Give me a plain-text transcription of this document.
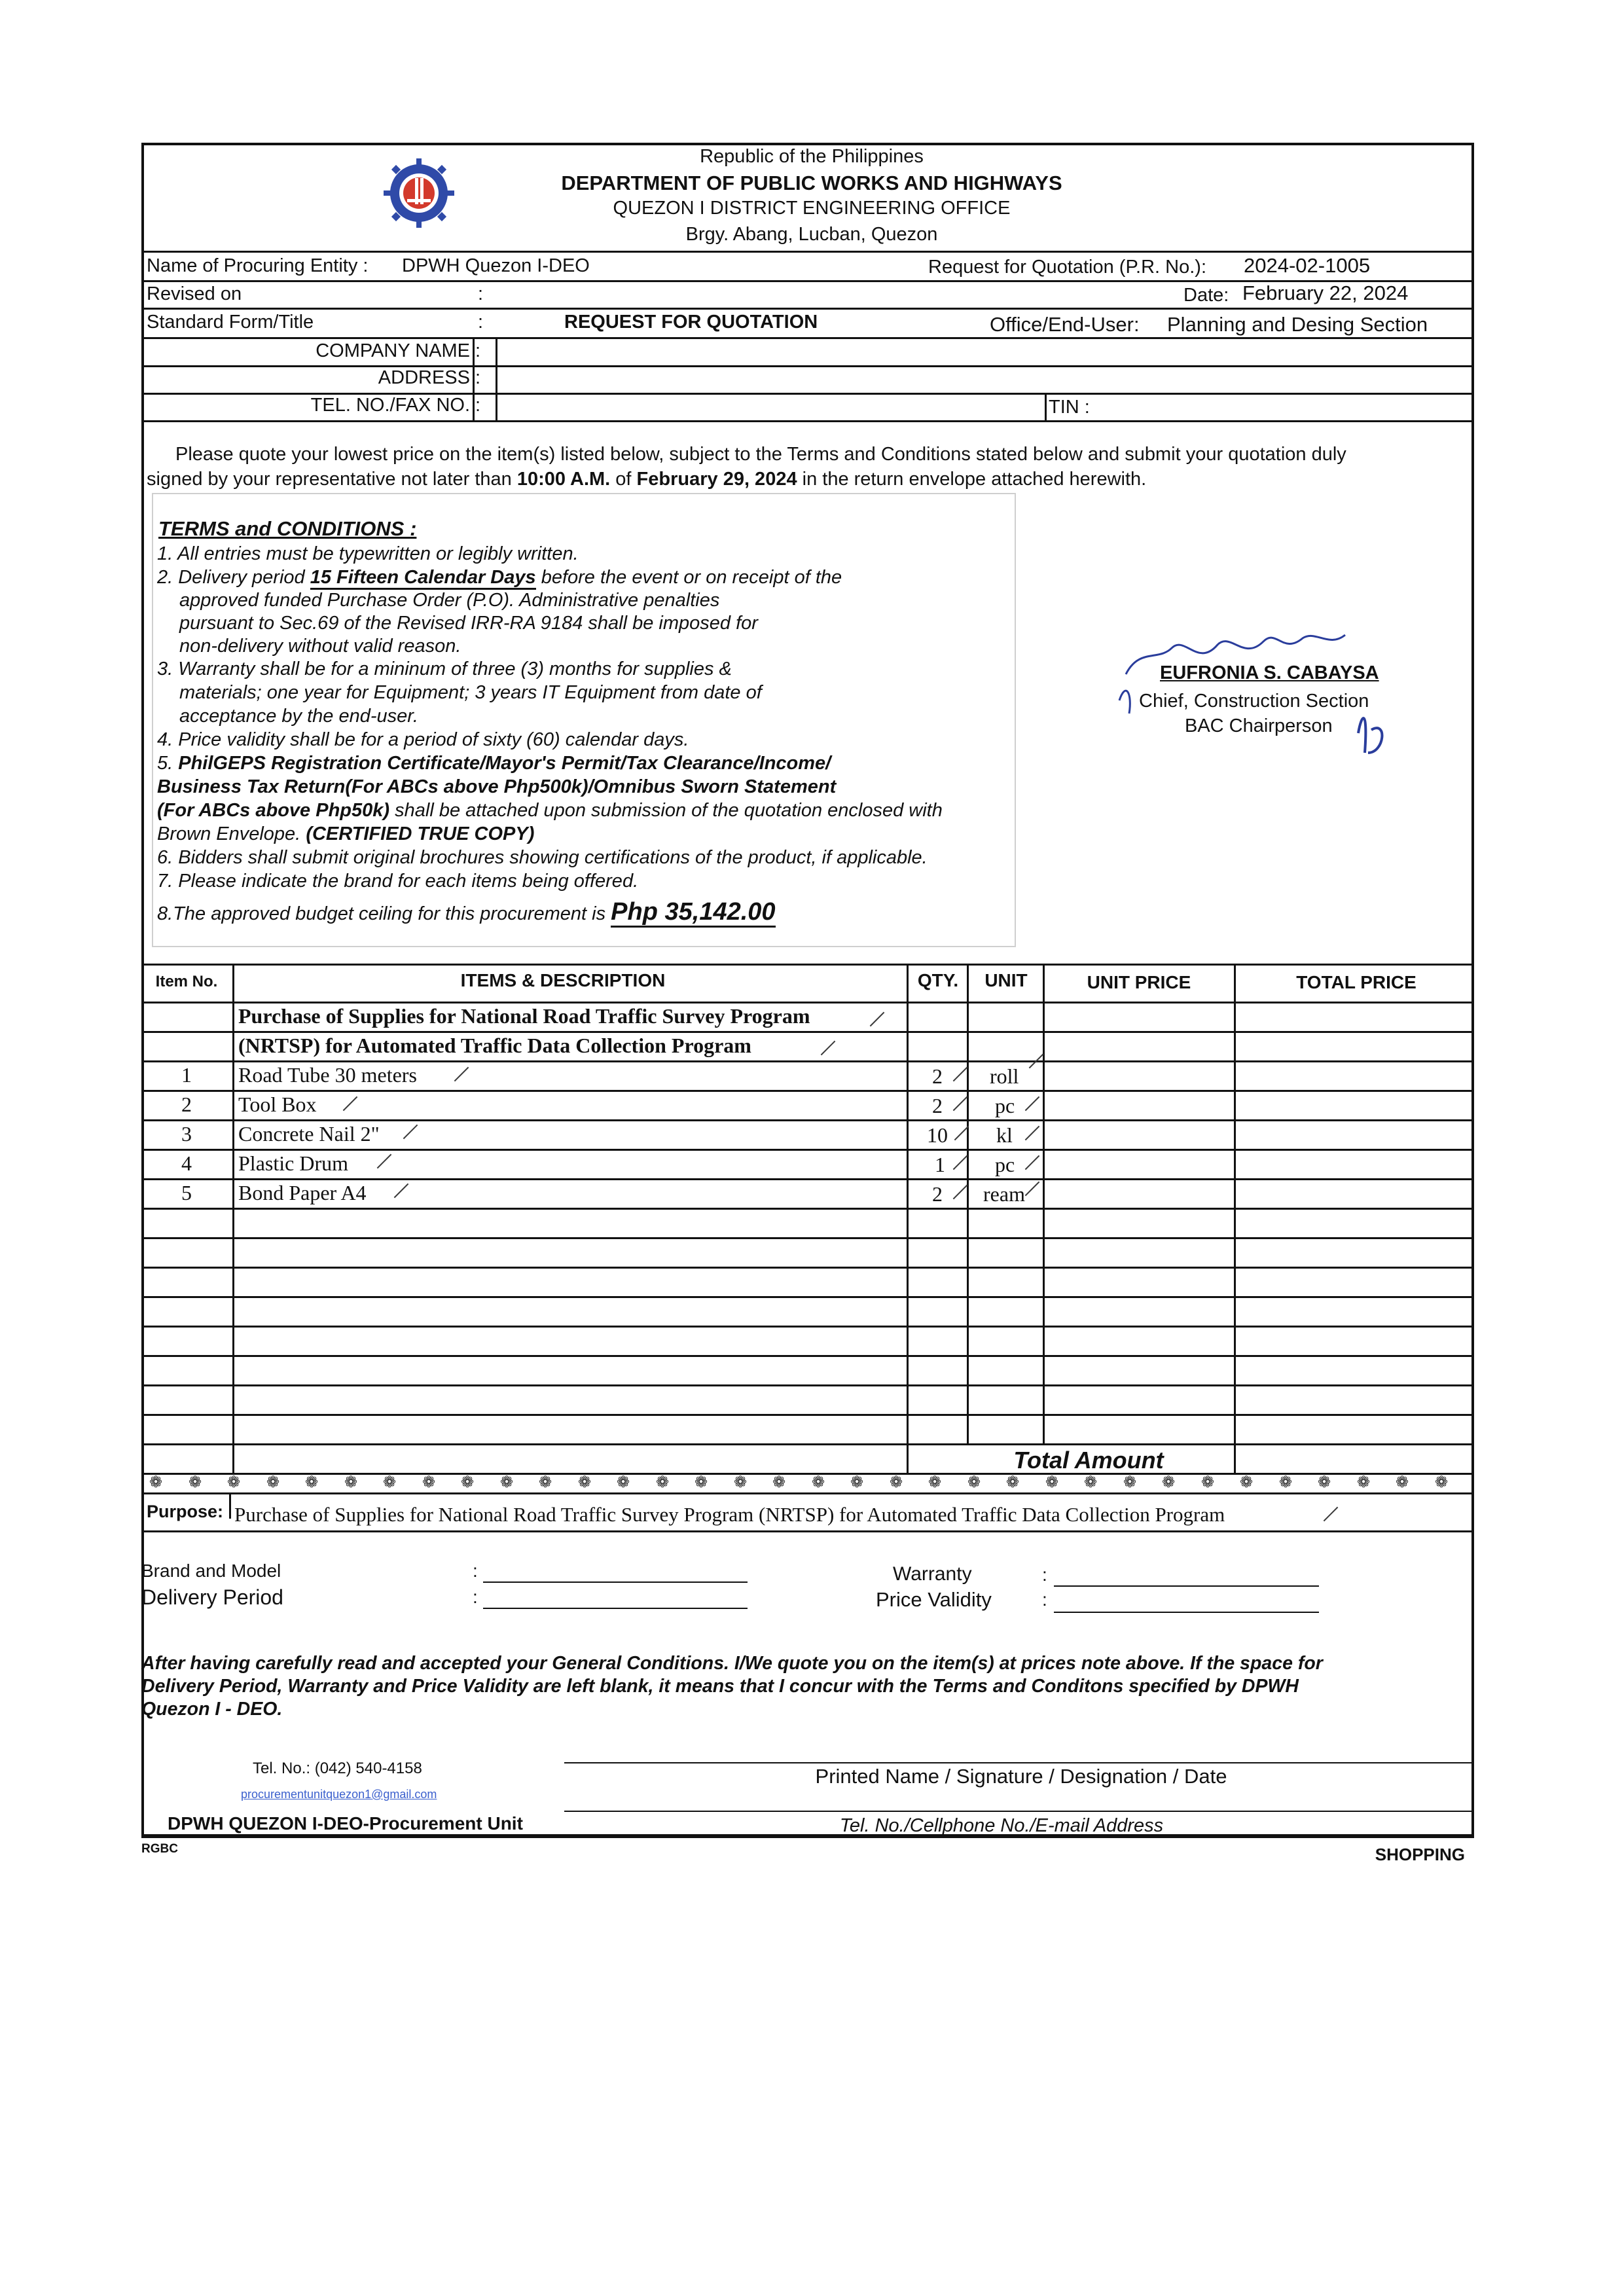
Republic of the Philippines
DEPARTMENT OF PUBLIC WORKS AND HIGHWAYS
QUEZON I DISTRICT ENGINEERING OFFICE
Brgy. Abang, Lucban, Quezon
Name of Procuring Entity : DPWH Quezon I-DEO	Request for Quotation (P.R. No.): 2024-02-1005
Revised on	:	Date: February 22, 2024
Standard Form/Title	:	REQUEST FOR QUOTATION	Office/End-User: Planning and Desing Section
COMPANY NAME :
ADDRESS :
TEL. NO./FAX NO. :	TIN :
Please quote your lowest price on the item(s) listed below, subject to the Terms and Conditions stated below and submit your quotation duly
signed by your representative not later than 10:00 A.M. of February 29, 2024 in the return envelope attached herewith.
TERMS and CONDITIONS :
1. All entries must be typewritten or legibly written.
2. Delivery period 15 Fifteen Calendar Days before the event or on receipt of the
approved funded Purchase Order (P.O). Administrative penalties
pursuant to Sec.69 of the Revised IRR-RA 9184 shall be imposed for
non-delivery without valid reason.
3. Warranty shall be for a mininum of three (3) months for supplies &
materials; one year for Equipment; 3 years IT Equipment from date of
acceptance by the end-user.
4. Price validity shall be for a period of sixty (60) calendar days.
5. PhilGEPS Registration Certificate/Mayor's Permit/Tax Clearance/Income/
Business Tax Return(For ABCs above Php500k)/Omnibus Sworn Statement
(For ABCs above Php50k) shall be attached upon submission of the quotation enclosed with
Brown Envelope. (CERTIFIED TRUE COPY)
6. Bidders shall submit original brochures showing certifications of the product, if applicable.
7. Please indicate the brand for each items being offered.
8.The approved budget ceiling for this procurement is Php 35,142.00
EUFRONIA S. CABAYSA
Chief, Construction Section
BAC Chairperson
Item No.	ITEMS & DESCRIPTION	QTY. UNIT	UNIT PRICE	TOTAL PRICE
Purchase of Supplies for National Road Traffic Survey Program
(NRTSP) for Automated Traffic Data Collection Program
1 Road Tube 30 meters	2 roll
2 Tool Box	2	pc
3 Concrete Nail 2"	10 kl
4 Plastic Drum	1 pc
5 Bond Paper A4	2 ream
Total Amount
❁ ❁ ❁ ❁ ❁ ❁ ❁ ❁ ❁ ❁ ❁ ❁ ❁ ❁ ❁ ❁ ❁ ❁ ❁ ❁ ❁ ❁ ❁ ❁ ❁ ❁ ❁ ❁ ❁ ❁ ❁ ❁ ❁ ❁
Purpose: Purchase of Supplies for National Road Traffic Survey Program (NRTSP) for Automated Traffic Data Collection Program
Brand and Model
Delivery Period
:
:
Warranty
Price Validity
:
:
After having carefully read and accepted your General Conditions. I/We quote you on the item(s) at prices note above. If the space for
Delivery Period, Warranty and Price Validity are left blank, it means that I concur with the Terms and Conditons specified by DPWH
Quezon I - DEO.
Tel. No.: (042) 540-4158
procurementunitquezon1@gmail.com
DPWH QUEZON I-DEO-Procurement Unit
Printed Name / Signature / Designation / Date
Tel. No./Cellphone No./E-mail Address
RGBC	SHOPPING
